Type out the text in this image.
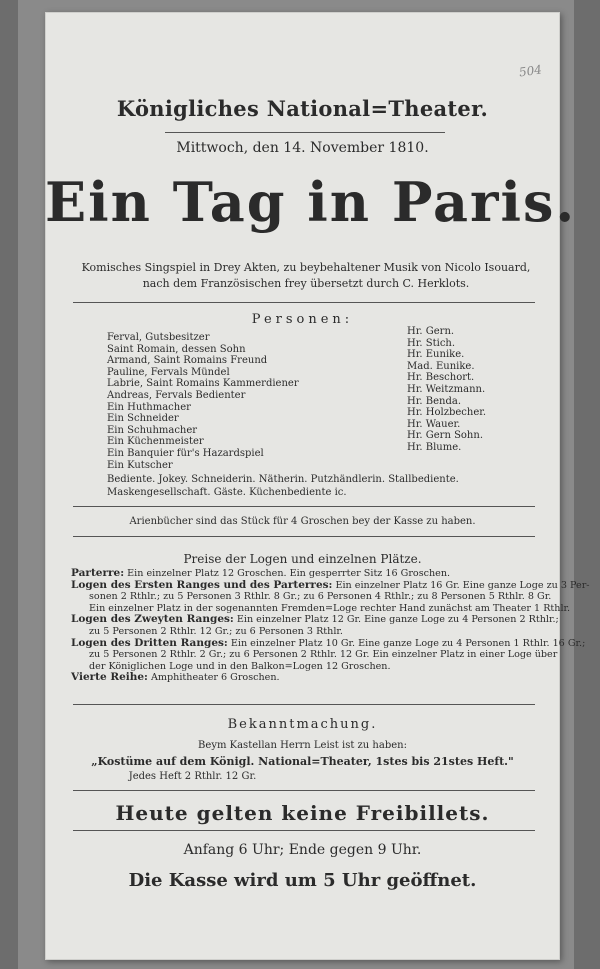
504
Königliches National=Theater.
Mittwoch, den 14. November 1810.
Ein Tag in Paris.
Komisches Singspiel in Drey Akten, zu beybehaltener Musik von Nicolo Isouard, nach dem Französischen frey übersetzt durch C. Herklots.
Personen:
Ferval, Gutsbesitzer
Saint Romain, dessen Sohn
Armand, Saint Romains Freund
Pauline, Fervals Mündel
Labrie, Saint Romains Kammerdiener
Andreas, Fervals Bedienter
Ein Huthmacher
Ein Schneider
Ein Schuhmacher
Ein Küchenmeister
Ein Banquier für's Hazardspiel
Ein Kutscher
Hr. Gern.
Hr. Stich.
Hr. Eunike.
Mad. Eunike.
Hr. Beschort.
Hr. Weitzmann.
Hr. Benda.
Hr. Holzbecher.
Hr. Wauer.
Hr. Gern Sohn.
Hr. Blume.
Bediente. Jokey. Schneiderin. Nätherin. Putzhändlerin. Stallbediente.
Maskengesellschaft. Gäste. Küchenbediente ic.
Arienbücher sind das Stück für 4 Groschen bey der Kasse zu haben.
Preise der Logen und einzelnen Plätze.
Parterre: Ein einzelner Platz 12 Groschen. Ein gesperrter Sitz 16 Groschen.
Logen des Ersten Ranges und des Parterres: Ein einzelner Platz 16 Gr. Eine ganze Loge zu 3 Per-
sonen 2 Rthlr.; zu 5 Personen 3 Rthlr. 8 Gr.; zu 6 Personen 4 Rthlr.; zu 8 Personen 5 Rthlr. 8 Gr.
Ein einzelner Platz in der sogenannten Fremden=Loge rechter Hand zunächst am Theater 1 Rthlr.
Logen des Zweyten Ranges: Ein einzelner Platz 12 Gr. Eine ganze Loge zu 4 Personen 2 Rthlr.;
zu 5 Personen 2 Rthlr. 12 Gr.; zu 6 Personen 3 Rthlr.
Logen des Dritten Ranges: Ein einzelner Platz 10 Gr. Eine ganze Loge zu 4 Personen 1 Rthlr. 16 Gr.;
zu 5 Personen 2 Rthlr. 2 Gr.; zu 6 Personen 2 Rthlr. 12 Gr. Ein einzelner Platz in einer Loge über
der Königlichen Loge und in den Balkon=Logen 12 Groschen.
Vierte Reihe: Amphitheater 6 Groschen.
Bekanntmachung.
Beym Kastellan Herrn Leist ist zu haben:
„Kostüme auf dem Königl. National=Theater, 1stes bis 21stes Heft."
Jedes Heft 2 Rthlr. 12 Gr.
Heute gelten keine Freibillets.
Anfang 6 Uhr; Ende gegen 9 Uhr.
Die Kasse wird um 5 Uhr geöffnet.
